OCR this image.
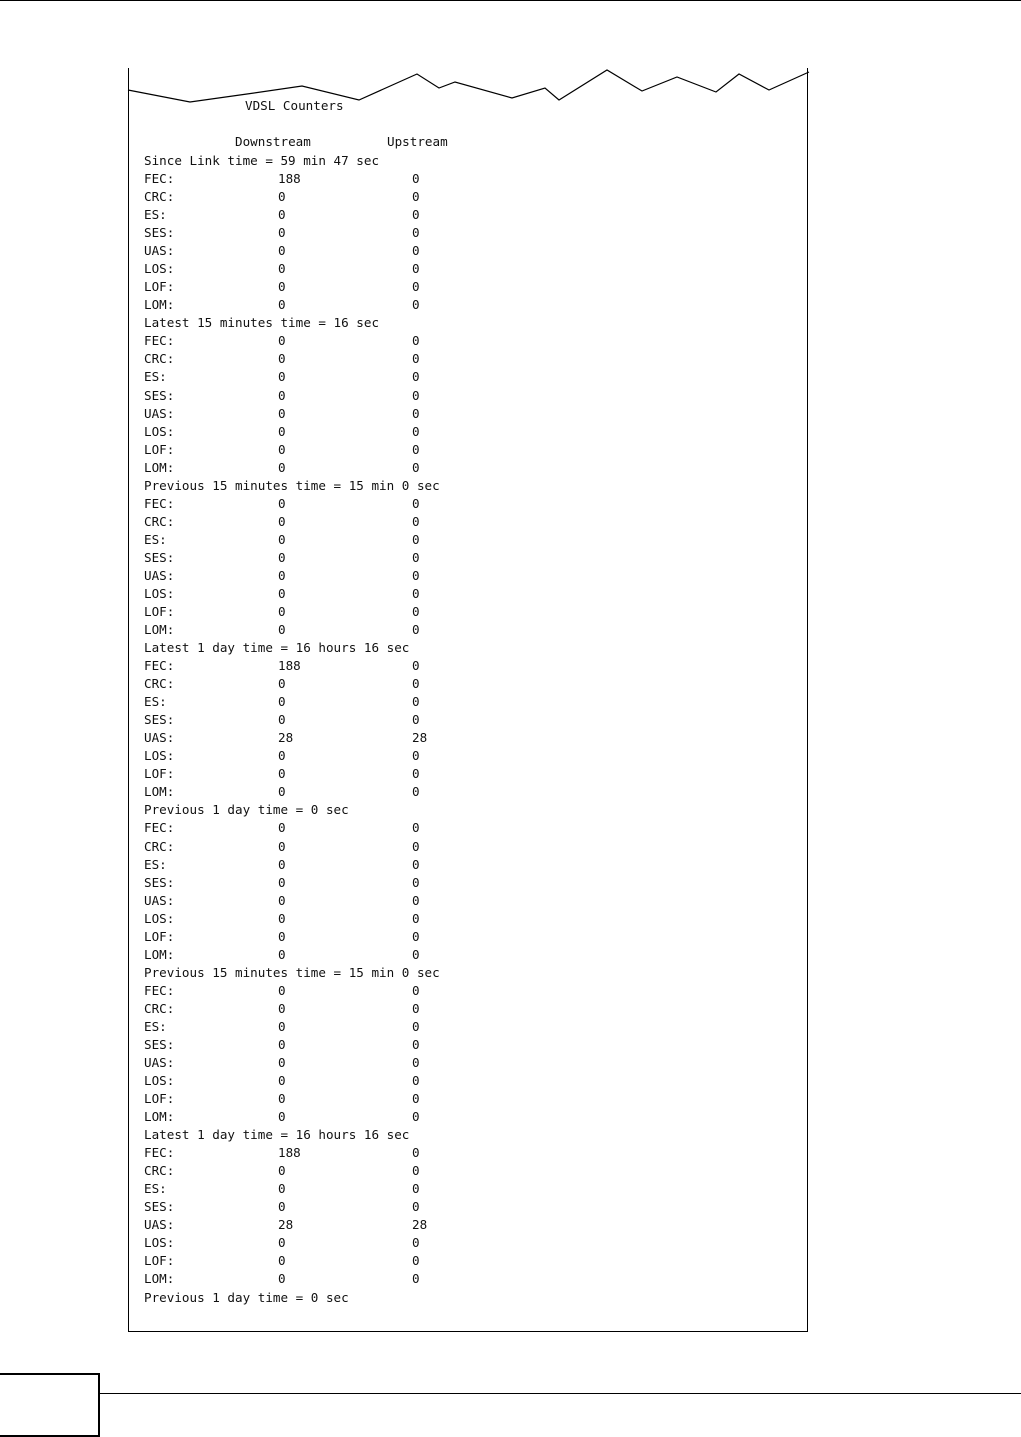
VDSL Counters
Downstream	Upstream
Since Link time = 59 min 47 sec
FEC:	188	0
CRC:	0	0
ES:	0	0
SES:	0	0
UAS:	0	0
LOS:	0	0
LOF:	0	0
LOM:	0	0
Latest 15 minutes time = 16 sec
FEC:	0	0
CRC:	0	0
ES:	0	0
SES:	0	0
UAS:	0	0
LOS:	0	0
LOF:	0	0
LOM:	0	0
Previous 15 minutes time = 15 min 0 sec
FEC:	0	0
CRC:	0	0
ES:	0	0
SES:	0	0
UAS:	0	0
LOS:	0	0
LOF:	0	0
LOM:	0	0
Latest 1 day time = 16 hours 16 sec
FEC:	188	0
CRC:	0	0
ES:	0	0
SES:	0	0
UAS:	28	28
LOS:	0	0
LOF:	0	0
LOM:	0	0
Previous 1 day time = 0 sec
FEC:	0	0
CRC:	0	0
ES:	0	0
SES:	0	0
UAS:	0	0
LOS:	0	0
LOF:	0	0
LOM:	0	0
Previous 15 minutes time = 15 min 0 sec
FEC:	0	0
CRC:	0	0
ES:	0	0
SES:	0	0
UAS:	0	0
LOS:	0	0
LOF:	0	0
LOM:	0	0
Latest 1 day time = 16 hours 16 sec
FEC:	188	0
CRC:	0	0
ES:	0	0
SES:	0	0
UAS:	28	28
LOS:	0	0
LOF:	0	0
LOM:	0	0
Previous 1 day time = 0 sec
